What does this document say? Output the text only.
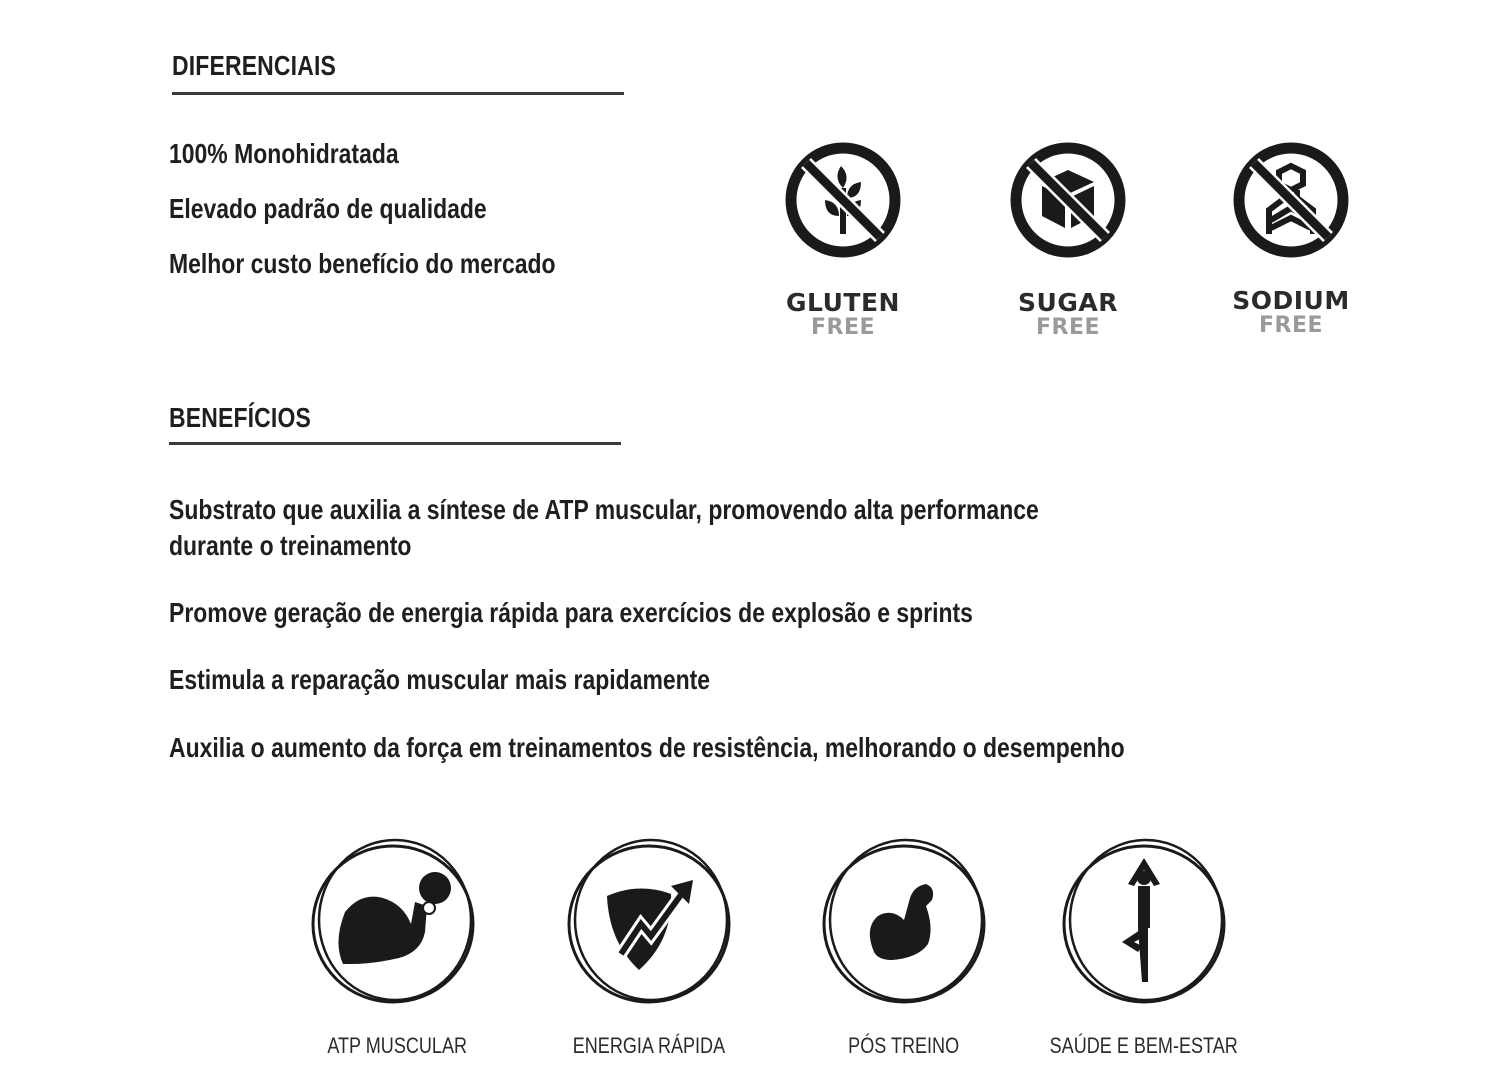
DIFERENCIAIS
100% Monohidratada
Elevado padrão de qualidade
Melhor custo benefício do mercado
GLUTEN
FREE
SUGAR
FREE
SODIUM
FREE
BENEFÍCIOS
Substrato que auxilia a síntese de ATP muscular, promovendo alta performance
durante o treinamento
Promove geração de energia rápida para exercícios de explosão e sprints
Estimula a reparação muscular mais rapidamente
Auxilia o aumento da força em treinamentos de resistência, melhorando o desempenho
ATP MUSCULAR	ENERGIA RÁPIDA	PÓS TREINO	SAÚDE E BEM-ESTAR
